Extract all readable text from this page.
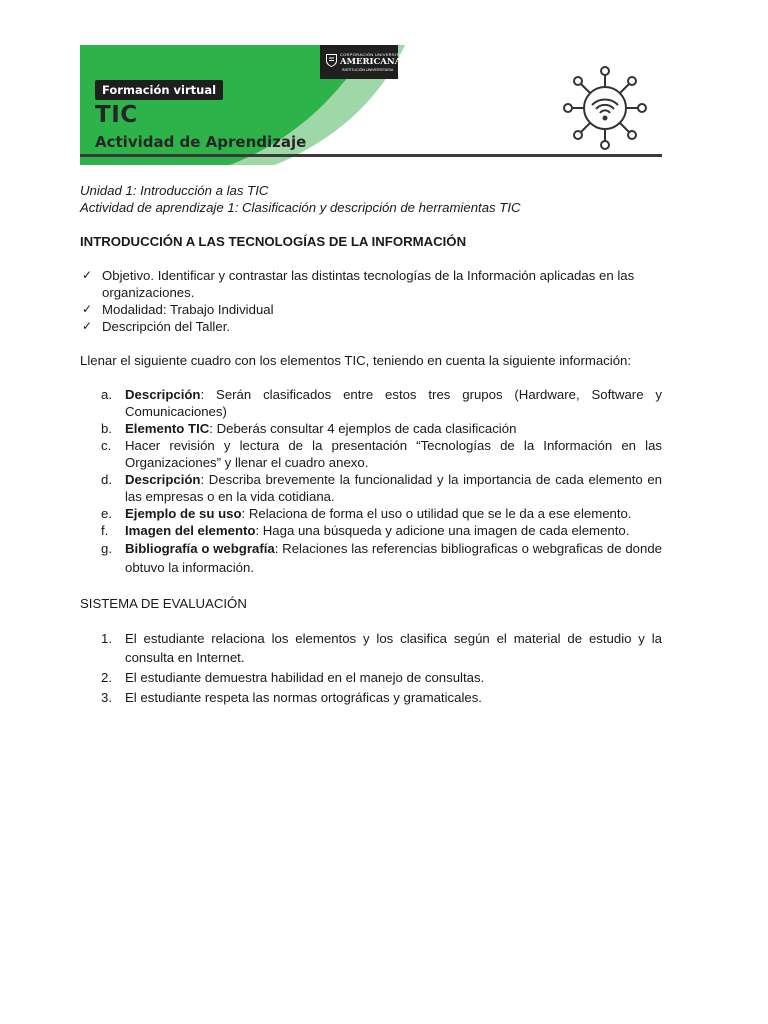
Formación virtual
TIC
Actividad de Aprendizaje
CORPORACIÓN UNIVERSITARIA
AMERICANA
INSTITUCIÓN UNIVERSITARIA

Unidad 1: Introducción a las TIC

Actividad de aprendizaje 1: Clasificación y descripción de herramientas TIC

INTRODUCCIÓN A LAS TECNOLOGÍAS DE LA INFORMACIÓN

✓ Objetivo. Identificar y contrastar las distintas tecnologías de la Información aplicadas en las organizaciones.
✓ Modalidad: Trabajo Individual
✓ Descripción del Taller.

Llenar el siguiente cuadro con los elementos TIC, teniendo en cuenta la siguiente información:

a. Descripción: Serán clasificados entre estos tres grupos (Hardware, Software y Comunicaciones)
b. Elemento TIC: Deberás consultar 4 ejemplos de cada clasificación
c. Hacer revisión y lectura de la presentación “Tecnologías de la Información en las Organizaciones” y llenar el cuadro anexo.
d. Descripción: Describa brevemente la funcionalidad y la importancia de cada elemento en las empresas o en la vida cotidiana.
e. Ejemplo de su uso: Relaciona de forma el uso o utilidad que se le da a ese elemento.
f. Imagen del elemento: Haga una búsqueda y adicione una imagen de cada elemento.
g. Bibliografía o webgrafía: Relaciones las referencias bibliograficas o webgraficas de donde obtuvo la información.

SISTEMA DE EVALUACIÓN

1. El estudiante relaciona los elementos y los clasifica según el material de estudio y la consulta en Internet.
2. El estudiante demuestra habilidad en el manejo de consultas.
3. El estudiante respeta las normas ortográficas y gramaticales.
